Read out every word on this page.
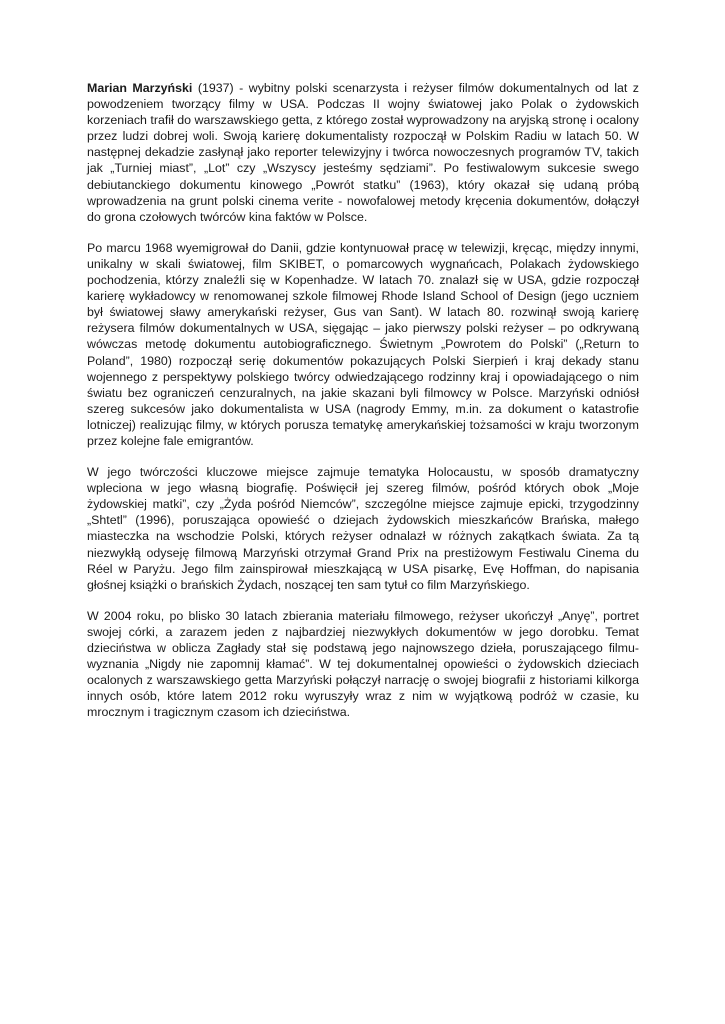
Marian Marzyński (1937) - wybitny polski scenarzysta i reżyser filmów dokumentalnych od lat z powodzeniem tworzący filmy w USA. Podczas II wojny światowej jako Polak o żydowskich korzeniach trafił do warszawskiego getta, z którego został wyprowadzony na aryjską stronę i ocalony przez ludzi dobrej woli. Swoją karierę dokumentalisty rozpoczął w Polskim Radiu w latach 50. W następnej dekadzie zasłynął jako reporter telewizyjny i twórca nowoczesnych programów TV, takich jak „Turniej miast”, „Lot” czy „Wszyscy jesteśmy sędziami”. Po festiwalowym sukcesie swego debiutanckiego dokumentu kinowego „Powrót statku” (1963), który okazał się udaną próbą wprowadzenia na grunt polski cinema verite - nowofalowej metody kręcenia dokumentów, dołączył do grona czołowych twórców kina faktów w Polsce.

Po marcu 1968 wyemigrował do Danii, gdzie kontynuował pracę w telewizji, kręcąc, między innymi, unikalny w skali światowej, film SKIBET, o pomarcowych wygnańcach, Polakach żydowskiego pochodzenia, którzy znaleźli się w Kopenhadze. W latach 70. znalazł się w USA, gdzie rozpoczął karierę wykładowcy w renomowanej szkole filmowej Rhode Island School of Design (jego uczniem był światowej sławy amerykański reżyser, Gus van Sant). W latach 80. rozwinął swoją karierę reżysera filmów dokumentalnych w USA, sięgając – jako pierwszy polski reżyser – po odkrywaną wówczas metodę dokumentu autobiograficznego. Świetnym „Powrotem do Polski” („Return to Poland”, 1980) rozpoczął serię dokumentów pokazujących Polski Sierpień i kraj dekady stanu wojennego z perspektywy polskiego twórcy odwiedzającego rodzinny kraj i opowiadającego o nim światu bez ograniczeń cenzuralnych, na jakie skazani byli filmowcy w Polsce. Marzyński odniósł szereg sukcesów jako dokumentalista w USA (nagrody Emmy, m.in. za dokument o katastrofie lotniczej) realizując filmy, w których porusza tematykę amerykańskiej tożsamości w kraju tworzonym przez kolejne fale emigrantów.

W jego twórczości kluczowe miejsce zajmuje tematyka Holocaustu, w sposób dramatyczny wpleciona w jego własną biografię. Poświęcił jej szereg filmów, pośród których obok „Moje żydowskiej matki”, czy „Żyda pośród Niemców”, szczególne miejsce zajmuje epicki, trzygodzinny „Shtetl” (1996), poruszająca opowieść o dziejach żydowskich mieszkańców Brańska, małego miasteczka na wschodzie Polski, których reżyser odnalazł w różnych zakątkach świata. Za tą niezwykłą odyseję filmową Marzyński otrzymał Grand Prix na prestiżowym Festiwalu Cinema du Réel w Paryżu. Jego film zainspirował mieszkającą w USA pisarkę, Evę Hoffman, do napisania głośnej książki o brańskich Żydach, noszącej ten sam tytuł co film Marzyńskiego.

W 2004 roku, po blisko 30 latach zbierania materiału filmowego, reżyser ukończył „Anyę”, portret swojej córki, a zarazem jeden z najbardziej niezwykłych dokumentów w jego dorobku. Temat dzieciństwa w oblicza Zagłady stał się podstawą jego najnowszego dzieła, poruszającego filmu-wyznania „Nigdy nie zapomnij kłamać”. W tej dokumentalnej opowieści o żydowskich dzieciach ocalonych z warszawskiego getta Marzyński połączył narrację o swojej biografii z historiami kilkorga innych osób, które latem 2012 roku wyruszyły wraz z nim w wyjątkową podróż w czasie, ku mrocznym i tragicznym czasom ich dzieciństwa.
